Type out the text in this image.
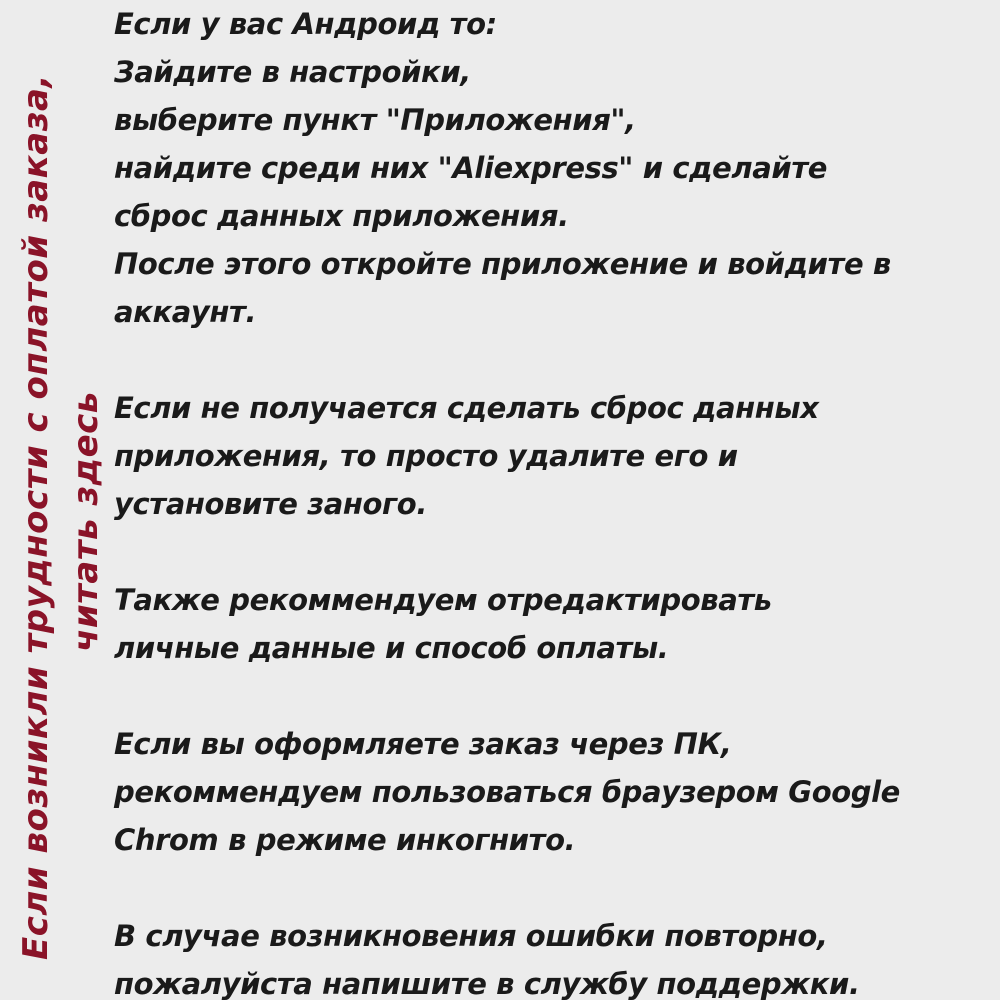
Если возникли трудности с оплатой заказа, читать здесь
Если у вас Андроид то:
Зайдите в настройки,
выберите пункт "Приложения",
найдите среди них "Aliexpress" и сделайте
сброс данных приложения.
После этого откройте приложение и войдите в
аккаунт.
Если не получается сделать сброс данных
приложения, то просто удалите его и
установите заного.
Также рекоммендуем отредактировать
личные данные и способ оплаты.
Если вы оформляете заказ через ПК,
рекоммендуем пользоваться браузером Google
Chrom в режиме инкогнито.
В случае возникновения ошибки повторно,
пожалуйста напишите в службу поддержки.
